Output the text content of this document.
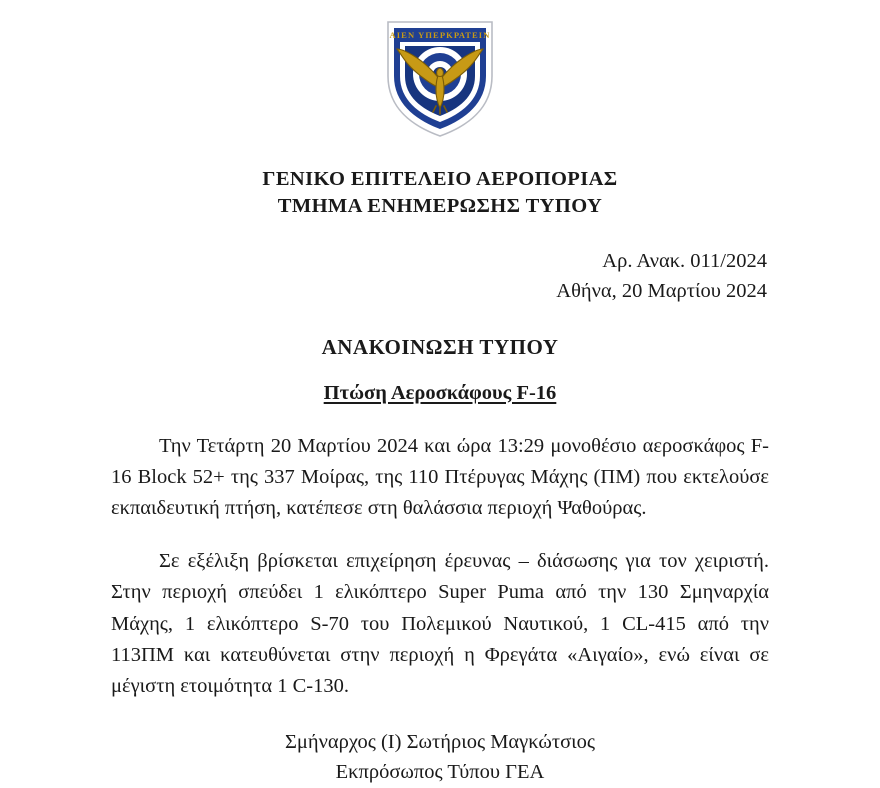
ΑΙΕΝ ΥΠΕΡΚΡΑΤΕΙΝ
ΓΕΝΙΚΟ ΕΠΙΤΕΛΕΙΟ ΑΕΡΟΠΟΡΙΑΣ
ΤΜΗΜΑ ΕΝΗΜΕΡΩΣΗΣ ΤΥΠΟΥ
Αρ. Ανακ. 011/2024
Αθήνα, 20 Μαρτίου 2024
ΑΝΑΚΟΙΝΩΣΗ ΤΥΠΟΥ
Πτώση Αεροσκάφους F-16

Την Τετάρτη 20 Μαρτίου 2024 και ώρα 13:29 μονοθέσιο αεροσκάφος F-16 Block 52+ της 337 Μοίρας, της 110 Πτέρυγας Μάχης (ΠΜ) που εκτελούσε εκπαιδευτική πτήση, κατέπεσε στη θαλάσσια περιοχή Ψαθούρας.

Σε εξέλιξη βρίσκεται επιχείρηση έρευνας – διάσωσης για τον χειριστή. Στην περιοχή σπεύδει 1 ελικόπτερο Super Puma από την 130 Σμηναρχία Μάχης, 1 ελικόπτερο S-70 του Πολεμικού Ναυτικού, 1 CL-415 από την 113ΠΜ και κατευθύνεται στην περιοχή η Φρεγάτα «Αιγαίο», ενώ είναι σε μέγιστη ετοιμότητα 1 C-130.

Σμήναρχος (Ι) Σωτήριος Μαγκώτσιος
Εκπρόσωπος Τύπου ΓΕΑ
